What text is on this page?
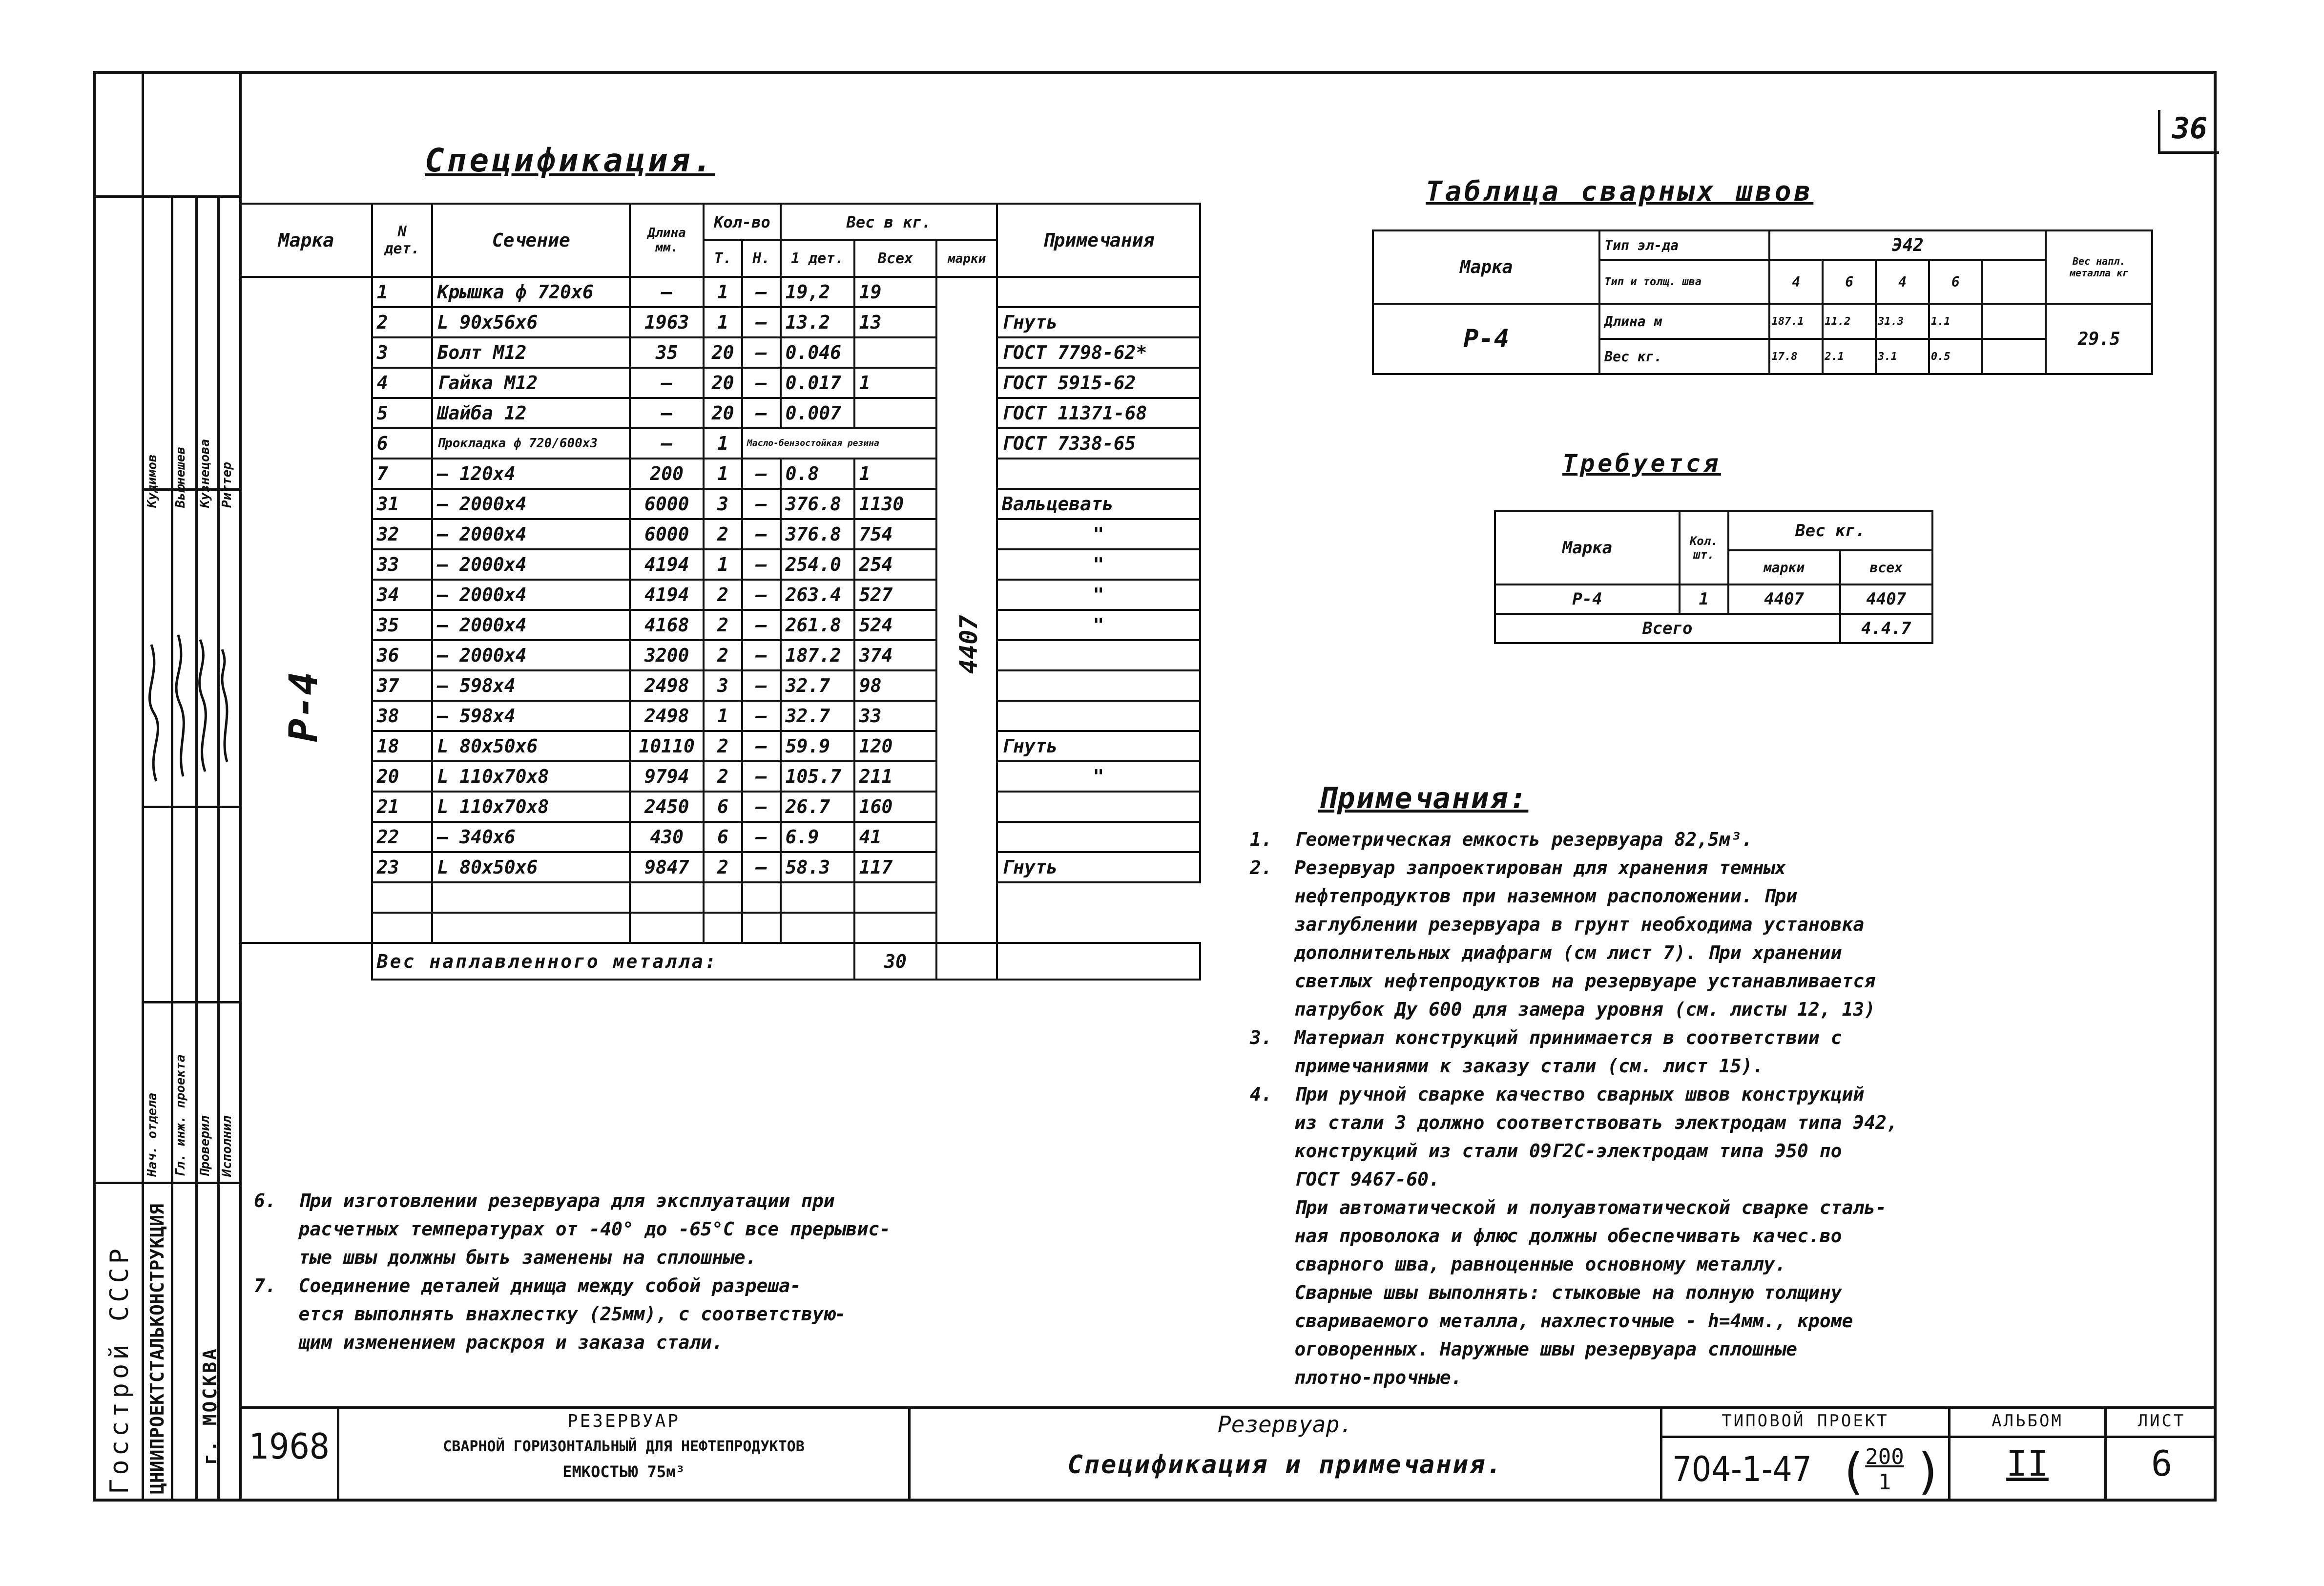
36
Госстрой СССР ЦНИИПРОЕКТСТАЛЬКОНСТРУКЦИЯ г. МОСКВА
Нач. отдела Гл. инж. проекта Проверил Исполнил
Кудимов Вьюнешев Кузнецова Риттер
Спецификация.
Марка	N дет.	Сечение	Длина мм.	Кол-во		Вес в кг.			Примечания
				Т.	Н.	1 дет.	Всех	марки	
	1	Крышка ф 720х6	—	1	—	19,2	19		
	2	L 90х56х6	1963	1	—	13.2	13		Гнуть
	3	Болт М12	35	20	—	0.046			ГОСТ 7798-62*
	4	Гайка М12	—	20	—	0.017	1		ГОСТ 5915-62
	5	Шайба 12	—	20	—	0.007			ГОСТ 11371-68
	6	Прокладка ф 720/600х3	—	1	Масло-бензостойкая резина				ГОСТ 7338-65
	7	— 120х4	200	1	—	0.8	1		
	31	— 2000х4	6000	3	—	376.8	1130		Вальцевать
	32	— 2000х4	6000	2	—	376.8	754		"
	33	— 2000х4	4194	1	—	254.0	254		"
	34	— 2000х4	4194	2	—	263.4	527		"
	35	— 2000х4	4168	2	—	261.8	524		"
	36	— 2000х4	3200	2	—	187.2	374		
	37	— 598х4	2498	3	—	32.7	98		
	38	— 598х4	2498	1	—	32.7	33		
	18	L 80х50х6	10110	2	—	59.9	120		Гнуть
	20	L 110х70х8	9794	2	—	105.7	211		"
	21	L 110х70х8	2450	6	—	26.7	160		
	22	— 340х6	430	6	—	6.9	41		
	23	L 80х50х6	9847	2	—	58.3	117		Гнуть

	Вес наплавленного металла:						30		
Р-4
4407
Таблица сварных швов
Марка	Тип эл-да	Э42					Вес напл. металла кг
	Тип и толщ. шва	4	6	4	6		
Р-4	Длина м	187.1	11.2	31.3	1.1		29.5
	Вес кг.	17.8	2.1	3.1	0.5		
Требуется
Марка	Кол. шт.	Вес кг.	
		марки	всех
Р-4	1	4407	4407
Всего			4.4.7
Примечания:
1.  Геометрическая емкость резервуара 82,5м³.
2.  Резервуар запроектирован для хранения темных
нефтепродуктов при наземном расположении. При
заглублении резервуара в грунт необходима установка
дополнительных диафрагм (см лист 7). При хранении
светлых нефтепродуктов на резервуаре устанавливается
патрубок Ду 600 для замера уровня (см. листы 12, 13)
3.  Материал конструкций принимается в соответствии с
примечаниями к заказу стали (см. лист 15).
4.  При ручной сварке качество сварных швов конструкций
из стали 3 должно соответствовать электродам типа Э42,
конструкций из стали 09Г2С-электродам типа Э50 по
ГОСТ 9467-60.
При автоматической и полуавтоматической сварке сталь-
ная проволока и флюс должны обеспечивать качес.во
сварного шва, равноценные основному металлу.
Сварные швы выполнять: стыковые на полную толщину
свариваемого металла, нахлесточные - h=4мм., кроме
оговоренных. Наружные швы резервуара сплошные
плотно-прочные.
6.  При изготовлении резервуара для эксплуатации при
расчетных температурах от -40° до -65°С все прерывис-
тые швы должны быть заменены на сплошные.
7.  Соединение деталей днища между собой разреша-
ется выполнять внахлестку (25мм), с соответствую-
щим изменением раскроя и заказа стали.
1968
РЕЗЕРВУАР
СВАРНОЙ ГОРИЗОНТАЛЬНЫЙ ДЛЯ НЕФТЕПРОДУКТОВ
ЕМКОСТЬЮ 75м³
Резервуар.
Спецификация и примечания.
ТИПОВОЙ ПРОЕКТ
704-1-47 (
200
1 )
АЛЬБОМ
II
ЛИСТ
6
